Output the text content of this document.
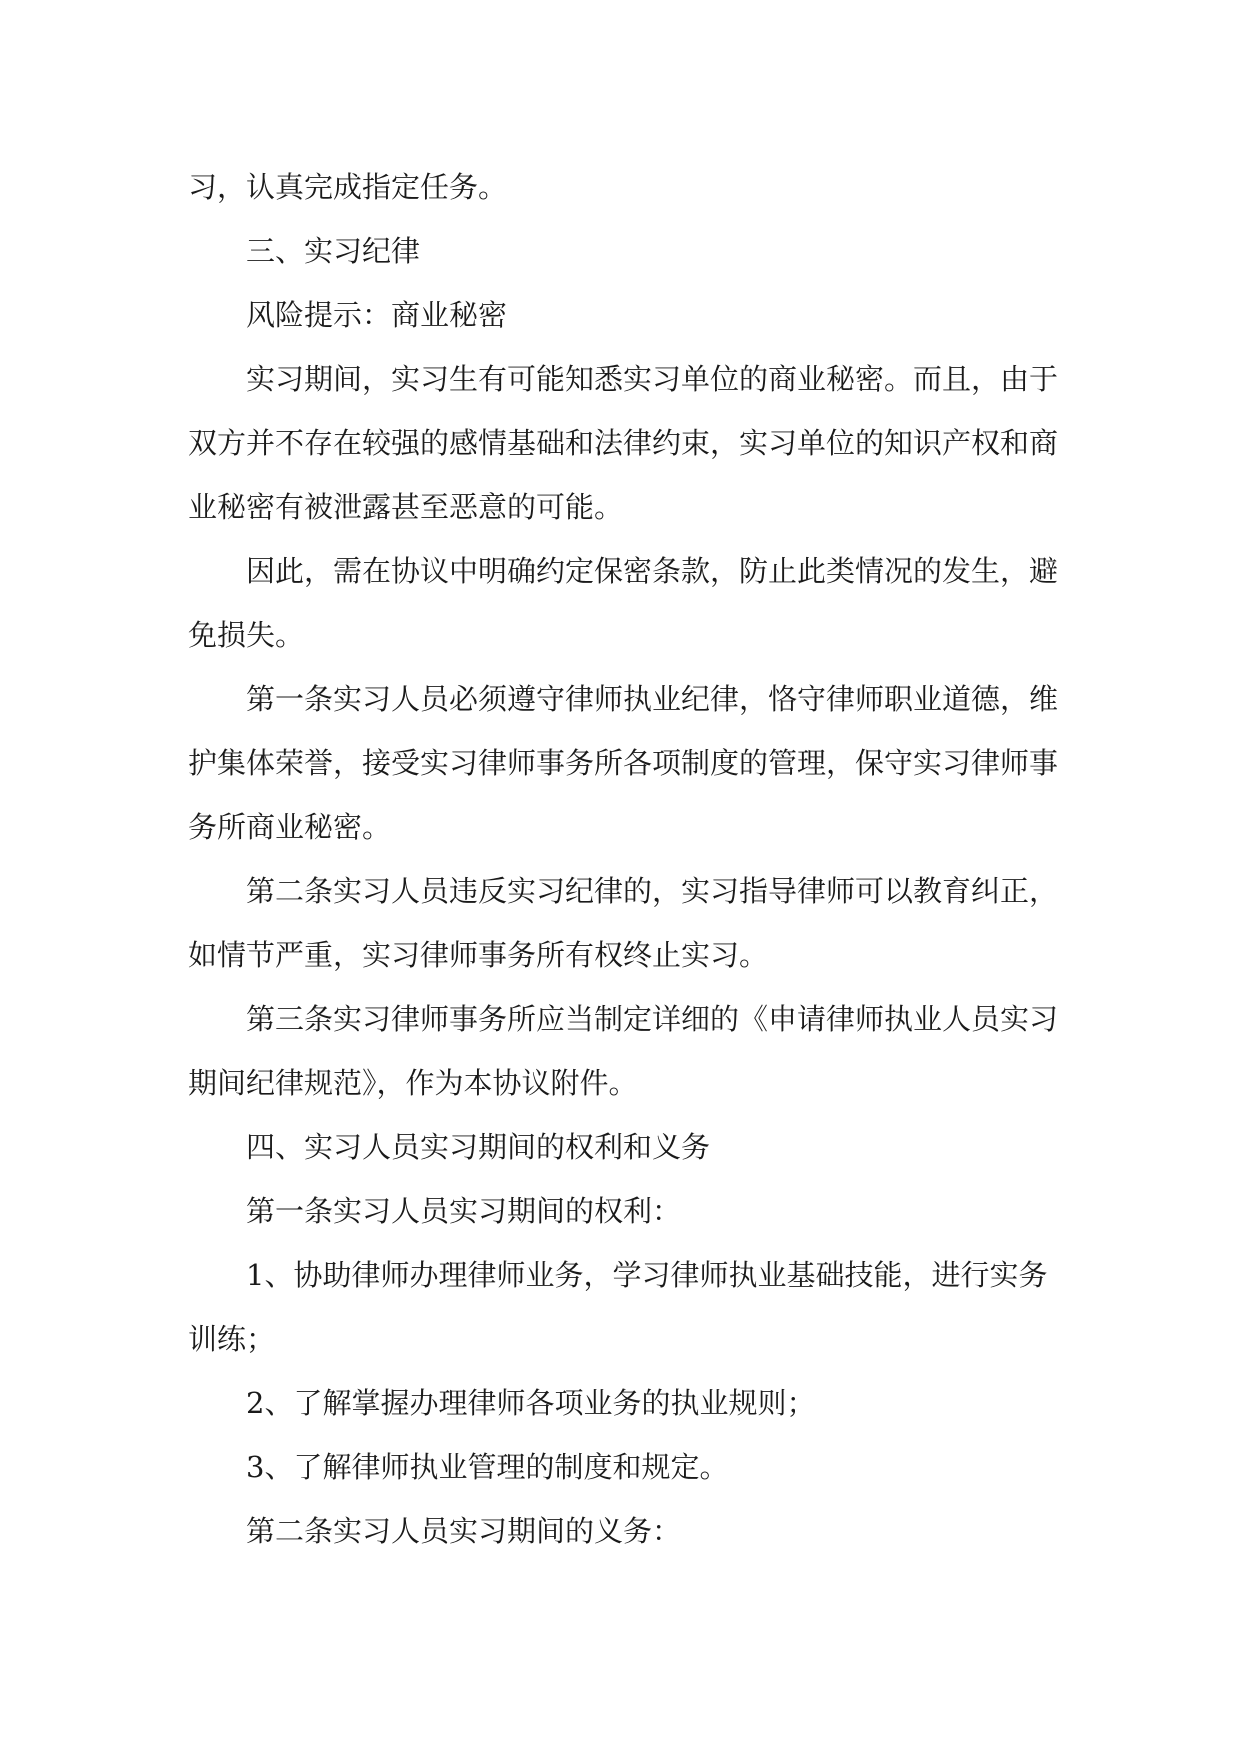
习，认真完成指定任务。
三、实习纪律
风险提示：商业秘密
实习期间，实习生有可能知悉实习单位的商业秘密。而且，由于
双方并不存在较强的感情基础和法律约束，实习单位的知识产权和商
业秘密有被泄露甚至恶意的可能。
因此，需在协议中明确约定保密条款，防止此类情况的发生，避
免损失。
第一条实习人员必须遵守律师执业纪律，恪守律师职业道德，维
护集体荣誉，接受实习律师事务所各项制度的管理，保守实习律师事
务所商业秘密。
第二条实习人员违反实习纪律的，实习指导律师可以教育纠正，
如情节严重，实习律师事务所有权终止实习。
第三条实习律师事务所应当制定详细的《申请律师执业人员实习
期间纪律规范》，作为本协议附件。
四、实习人员实习期间的权利和义务
第一条实习人员实习期间的权利：
1、协助律师办理律师业务，学习律师执业基础技能，进行实务
训练；
2、了解掌握办理律师各项业务的执业规则；
3、了解律师执业管理的制度和规定。
第二条实习人员实习期间的义务：
